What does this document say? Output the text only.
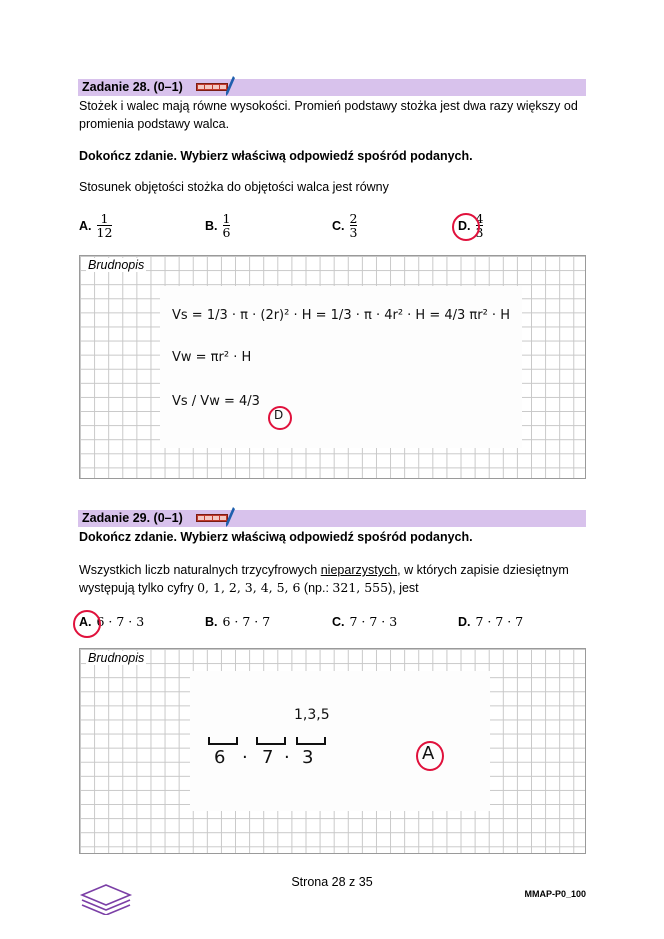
Zadanie 28. (0–1)
Stożek i walec mają równe wysokości. Promień podstawy stożka jest dwa razy większy od
promienia podstawy walca.
Dokończ zdanie. Wybierz właściwą odpowiedź spośród podanych.
Stosunek objętości stożka do objętości walca jest równy
A. $\frac{1}{12}$	B. $\frac{1}{6}$	C. $\frac{2}{3}$	D. $\frac{4}{3}$
Brudnopis
Vs = 1/3 · π · (2r)² · H = 1/3 · π · 4r² · H = 4/3 πr² · H
Vw = πr² · H
Vs / Vw = 4/3
D
Zadanie 29. (0–1)
Dokończ zdanie. Wybierz właściwą odpowiedź spośród podanych.
Wszystkich liczb naturalnych trzycyfrowych nieparzystych, w których zapisie dziesiętnym
występują tylko cyfry 0, 1, 2, 3, 4, 5, 6 (np.: 321, 555), jest
A. 6 · 7 · 3	B. 6 · 7 · 7	C. 7 · 7 · 3	D. 7 · 7 · 7
Brudnopis
1,3,5
6 · 7 · 3	A
Strona 28 z 35
MMAP-P0_100
